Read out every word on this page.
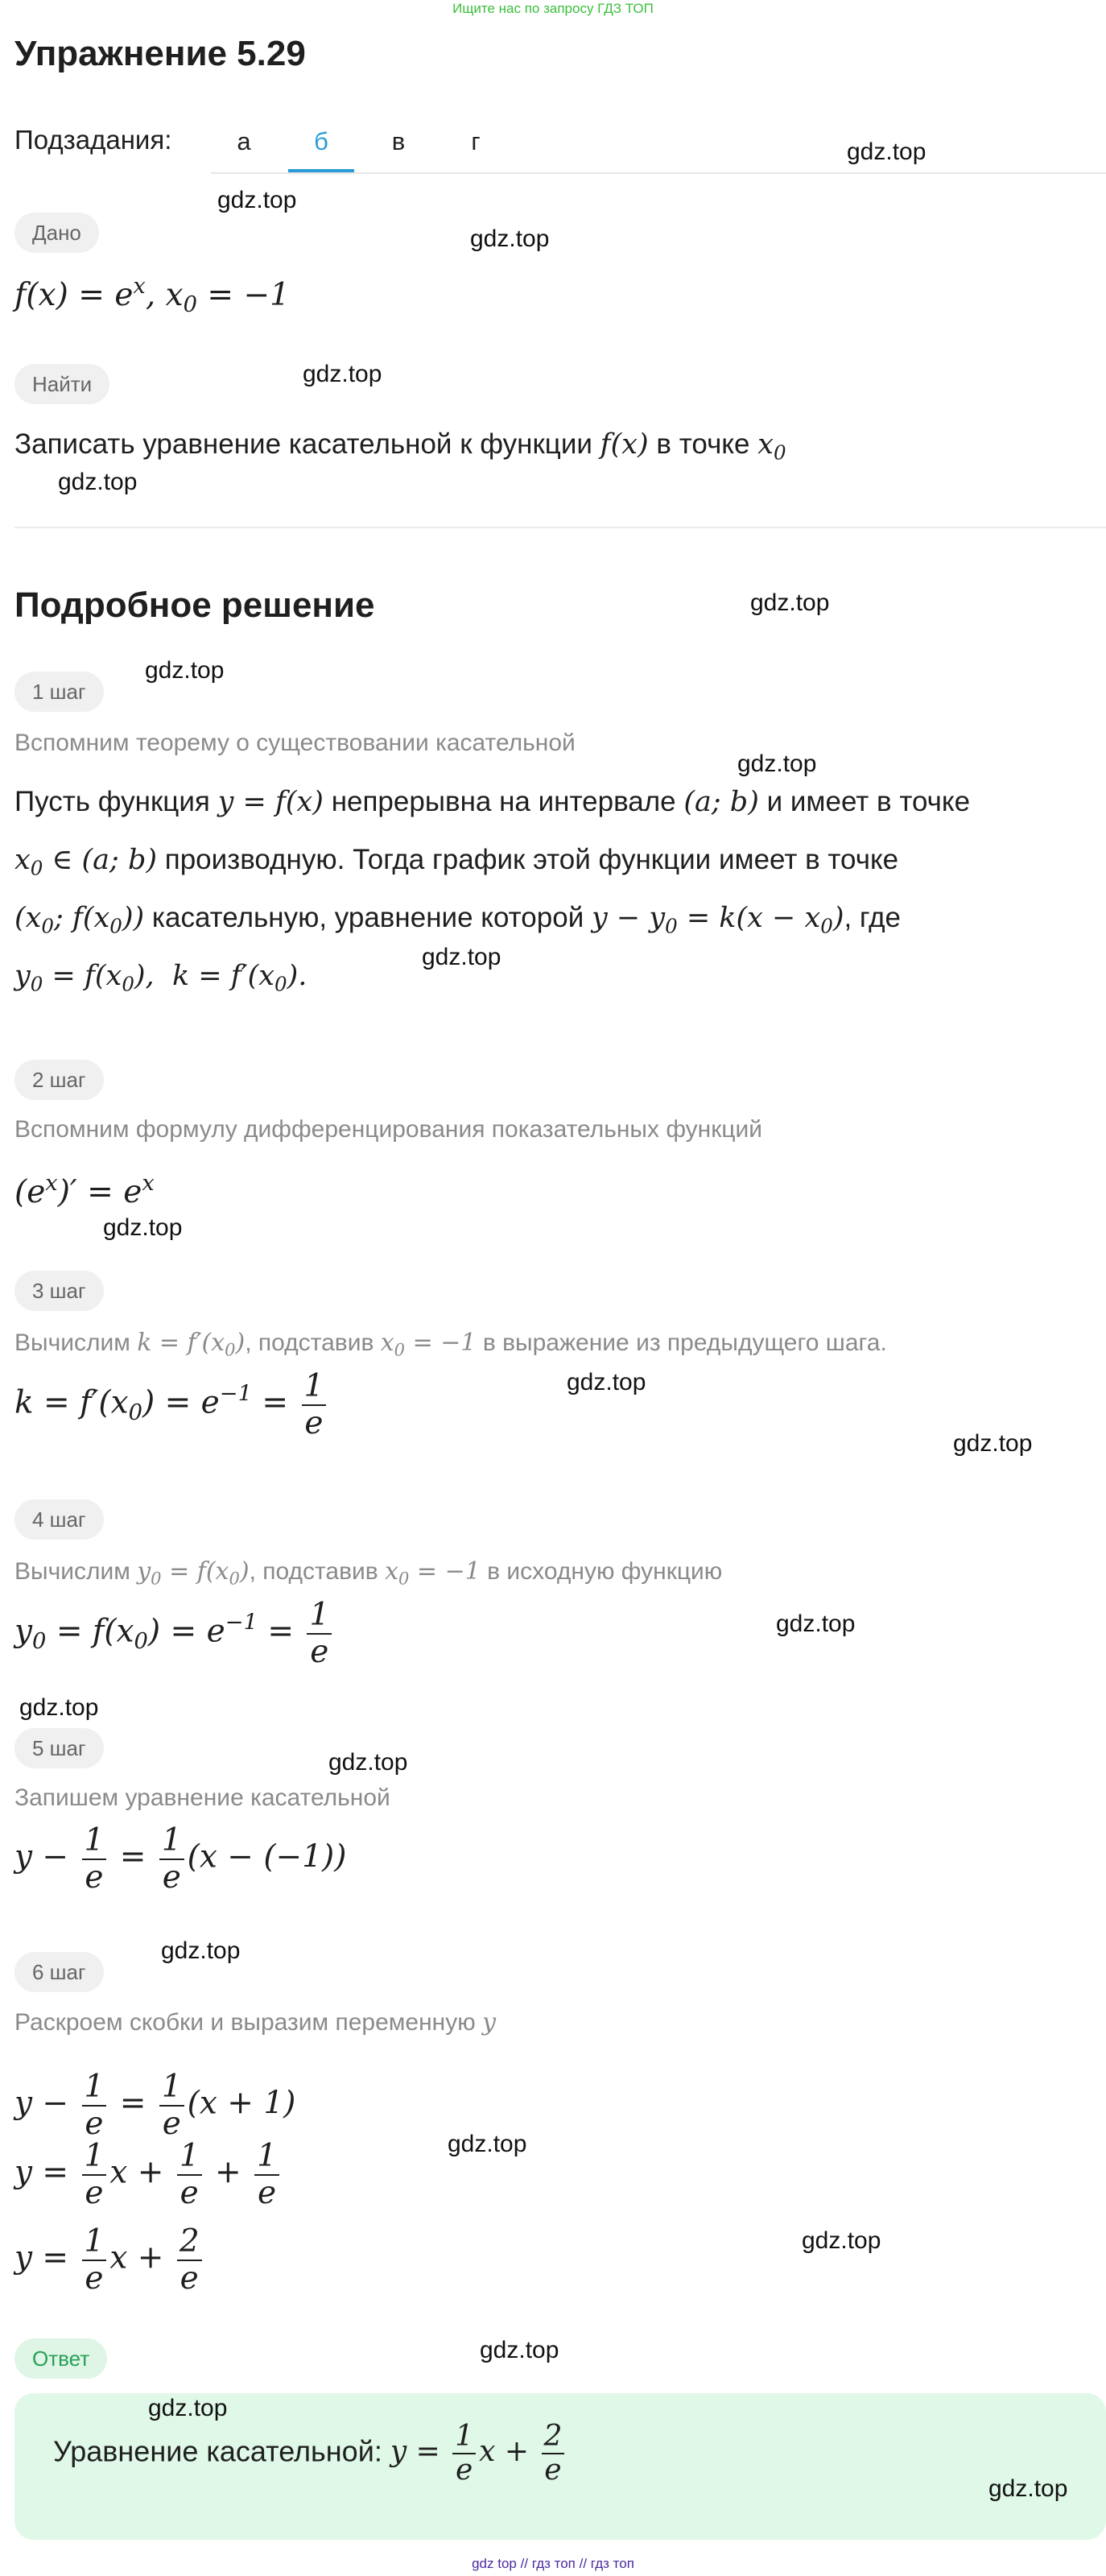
Ищите нас по запросу ГДЗ ТОП
Упражнение 5.29
Подзадания:	а	б	в	г
Дано
$f(x) = e^x$, $x_0 = -1$
Найти
Записать уравнение касательной к функции f(x) в точке $x_0$
Подробное решение
1 шаг
Вспомним теорему о существовании касательной
Пусть функция y = f(x) непрерывна на интервале (a; b) и имеет в точке
$x_0$ ∈ (a; b) производную. Тогда график этой функции имеет в точке
($x_0$; $f(x_0)$) касательную, уравнение которой $y - y_0 = k(x - x_0)$, где
$y_0 = f(x_0)$,  $k = f'(x_0)$.
2 шаг
Вспомним формулу дифференцирования показательных функций
$(e^x)' = e^x$
3 шаг
Вычислим $k = f'(x_0)$, подставив $x_0 = -1$ в выражение из предыдущего шага.
$k = f'(x_0) = e^{-1} = \frac{1}{e}$
4 шаг
Вычислим $y_0 = f(x_0)$, подставив $x_0 = -1$ в исходную функцию
$y_0 = f(x_0) = e^{-1} = \frac{1}{e}$
5 шаг
Запишем уравнение касательной
$y - \frac{1}{e} = \frac{1}{e} (x - (-1))$
6 шаг
Раскроем скобки и выразим переменную y
$y - \frac{1}{e} = \frac{1}{e} (x + 1)$
$y = \frac{1}{e}$ $x + \frac{1}{e} + \frac{1}{e}$
$y = \frac{1}{e}$ $x + \frac{2}{e}$
Ответ
Уравнение касательной: $y = \frac{1}{e}$ $x + \frac{2}{e}$
gdz.top
gdz.top
gdz.top
gdz.top
gdz.top
gdz.top
gdz.top
gdz.top
gdz.top
gdz.top
gdz.top
gdz.top
gdz.top
gdz.top
gdz.top
gdz.top
gdz.top
gdz.top
gdz.top
gdz.top
gdz.top
gdz top // гдз топ // гдз топ
